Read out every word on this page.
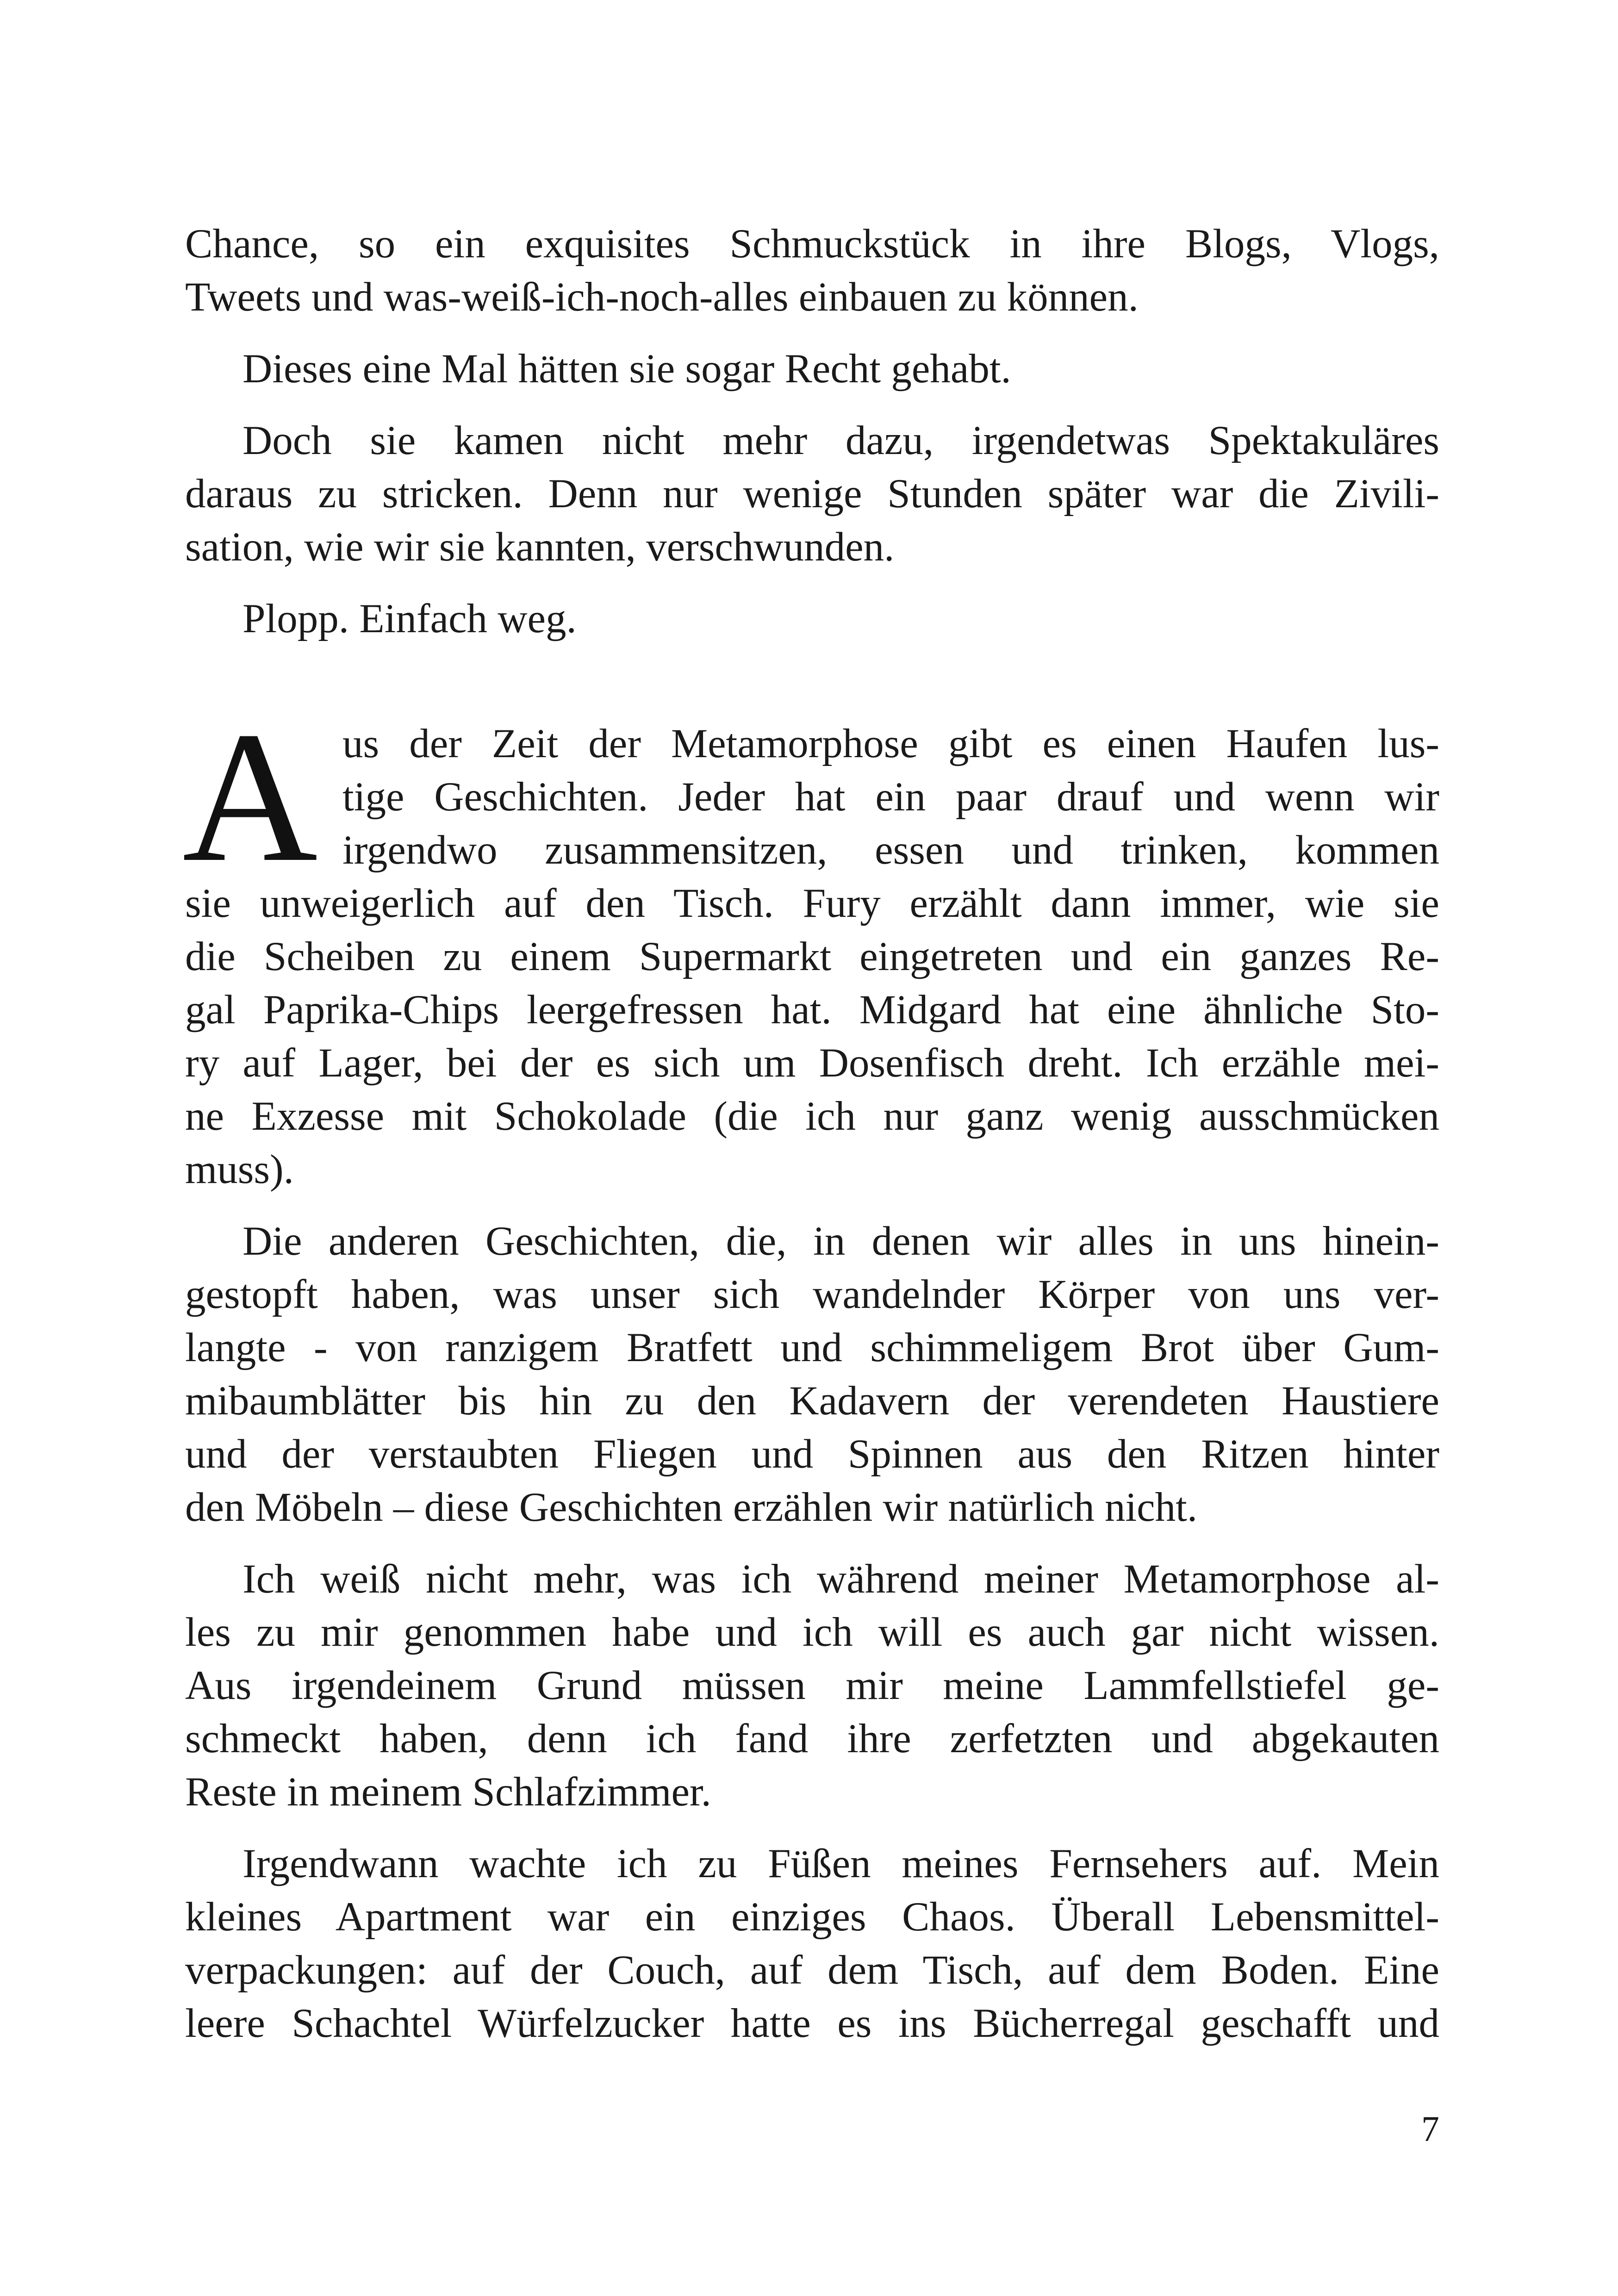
Chance, so ein exquisites Schmuckstück in ihre Blogs, Vlogs,
Tweets und was-weiß-ich-noch-alles einbauen zu können.
Dieses eine Mal hätten sie sogar Recht gehabt.
Doch sie kamen nicht mehr dazu, irgendetwas Spektakuläres
daraus zu stricken. Denn nur wenige Stunden später war die Zivili-
sation, wie wir sie kannten, verschwunden.
Plopp. Einfach weg.
A us der Zeit der Metamorphose gibt es einen Haufen lus-
tige Geschichten. Jeder hat ein paar drauf und wenn wir
irgendwo zusammensitzen, essen und trinken, kommen
sie unweigerlich auf den Tisch. Fury erzählt dann immer, wie sie
die Scheiben zu einem Supermarkt eingetreten und ein ganzes Re-
gal Paprika-Chips leergefressen hat. Midgard hat eine ähnliche Sto-
ry auf Lager, bei der es sich um Dosenfisch dreht. Ich erzähle mei-
ne Exzesse mit Schokolade (die ich nur ganz wenig ausschmücken
muss).
Die anderen Geschichten, die, in denen wir alles in uns hinein-
gestopft haben, was unser sich wandelnder Körper von uns ver-
langte - von ranzigem Bratfett und schimmeligem Brot über Gum-
mibaumblätter bis hin zu den Kadavern der verendeten Haustiere
und der verstaubten Fliegen und Spinnen aus den Ritzen hinter
den Möbeln – diese Geschichten erzählen wir natürlich nicht.
Ich weiß nicht mehr, was ich während meiner Metamorphose al-
les zu mir genommen habe und ich will es auch gar nicht wissen.
Aus irgendeinem Grund müssen mir meine Lammfellstiefel ge-
schmeckt haben, denn ich fand ihre zerfetzten und abgekauten
Reste in meinem Schlafzimmer.
Irgendwann wachte ich zu Füßen meines Fernsehers auf. Mein
kleines Apartment war ein einziges Chaos. Überall Lebensmittel-
verpackungen: auf der Couch, auf dem Tisch, auf dem Boden. Eine
leere Schachtel Würfelzucker hatte es ins Bücherregal geschafft und
7
